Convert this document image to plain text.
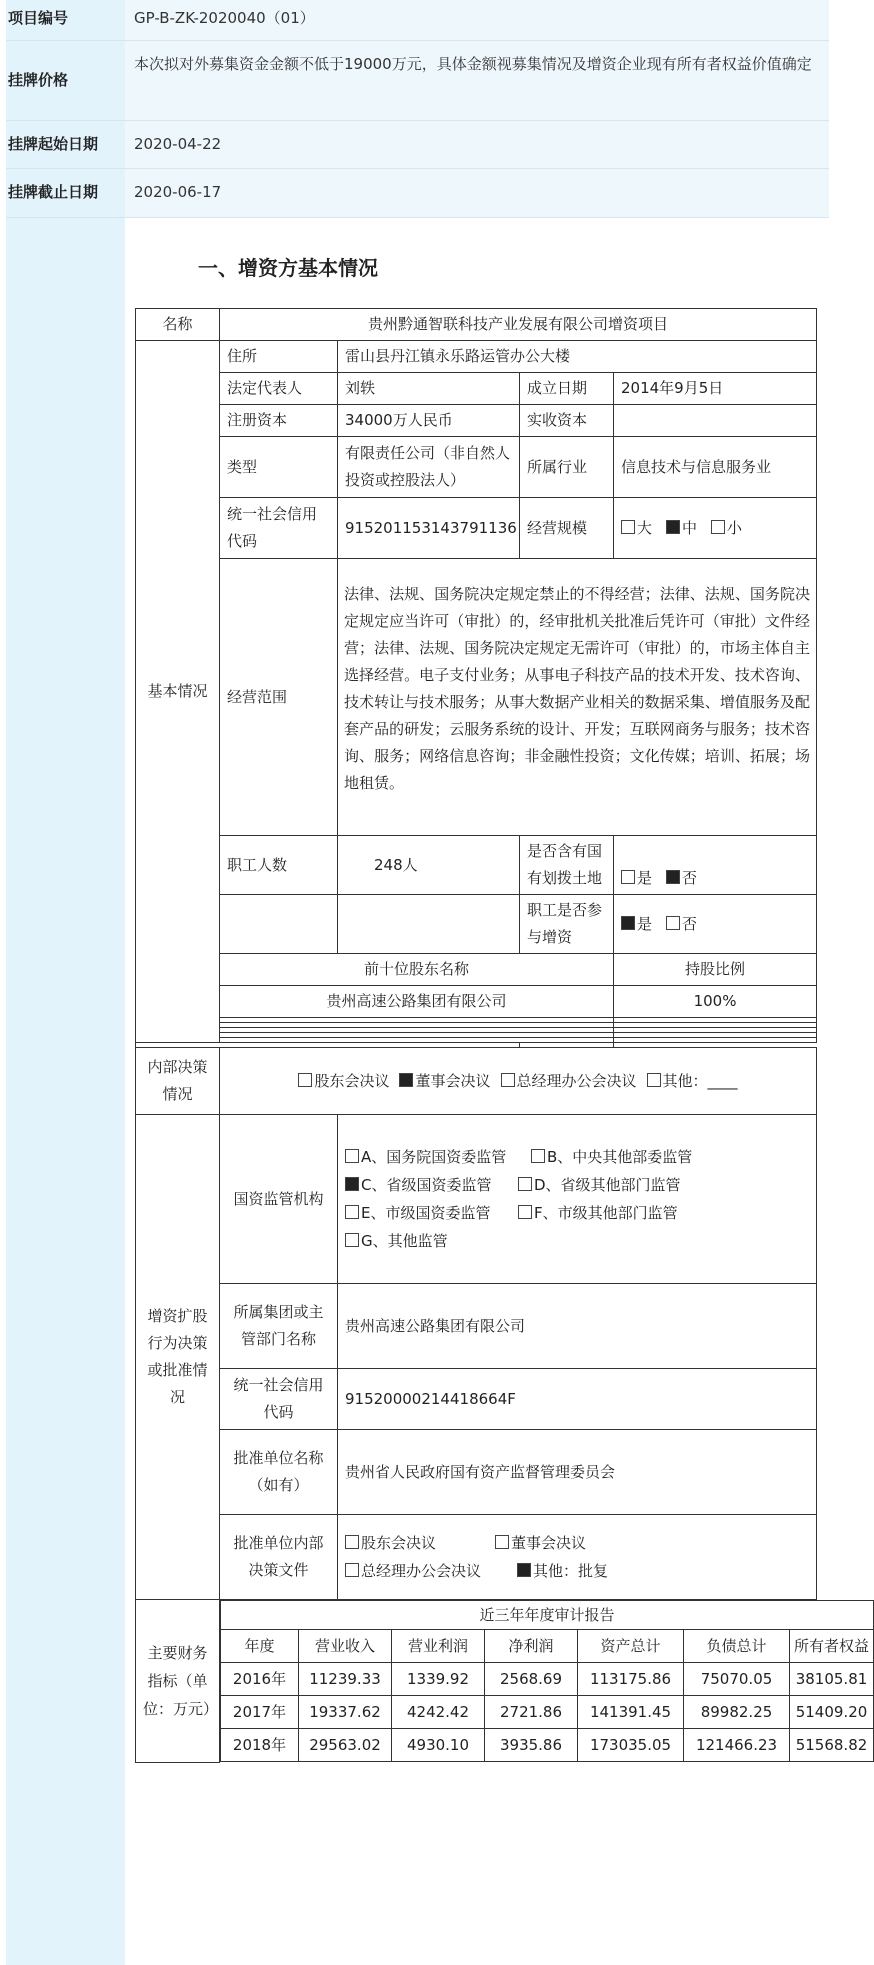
项目编号	GP-B-ZK-2020040（01）
挂牌价格
本次拟对外募集资金金额不低于19000万元，具体金额视募集情况及增资企业现有所有者权益价值确定
挂牌起始日期 2020-04-22
挂牌截止日期 2020-06-17
一、增资方基本情况
名称	贵州黔通智联科技产业发展有限公司增资项目
基本情况	住所	雷山县丹江镇永乐路运管办公大楼
法定代表人	刘轶	成立日期	2014年9月5日
注册资本	34000万人民币	实收资本	
类型	有限责任公司（非自然人投资或控股法人）	所属行业	信息技术与信息服务业
统一社会信用代码	915201153143791136	经营规模	大 中 小
经营范围	法律、法规、国务院决定规定禁止的不得经营；法律、法规、国务院决定规定应当许可（审批）的，经审批机关批准后凭许可（审批）文件经营；法律、法规、国务院决定规定无需许可（审批）的，市场主体自主选择经营。电子支付业务；从事电子科技产品的技术开发、技术咨询、技术转让与技术服务；从事大数据产业相关的数据采集、增值服务及配套产品的研发；云服务系统的设计、开发；互联网商务与服务；技术咨询、服务；网络信息咨询；非金融性投资；文化传媒；培训、拓展；场地租赁。
职工人数	248人	是否含有国有划拨土地	是 否
		职工是否参与增资	是 否
前十位股东名称	持股比例
贵州高速公路集团有限公司	100%

内部决策情况	股东会决议 董事会决议 总经理办公会决议 其他：____
增资扩股行为决策或批准情况	国资监管机构	
A、国务院国资委监管	B、中央其他部委监管
C、省级国资委监管	D、省级其他部门监管
E、市级国资委监管	F、市级其他部门监管
G、其他监管

所属集团或主管部门名称	贵州高速公路集团有限公司
统一社会信用代码	91520000214418664F
批准单位名称（如有）	贵州省人民政府国有资产监督管理委员会
批准单位内部决策文件	
股东会决议	董事会决议
总经理办公会决议	其他：批复

主要财务指标（单位：万元）	
近三年年度审计报告
年度	营业收入	营业利润	净利润	资产总计	负债总计	所有者权益
2016年	11239.33	1339.92	2568.69	113175.86	75070.05	38105.81
2017年	19337.62	4242.42	2721.86	141391.45	89982.25	51409.20
2018年	29563.02	4930.10	3935.86	173035.05	121466.23	51568.82
